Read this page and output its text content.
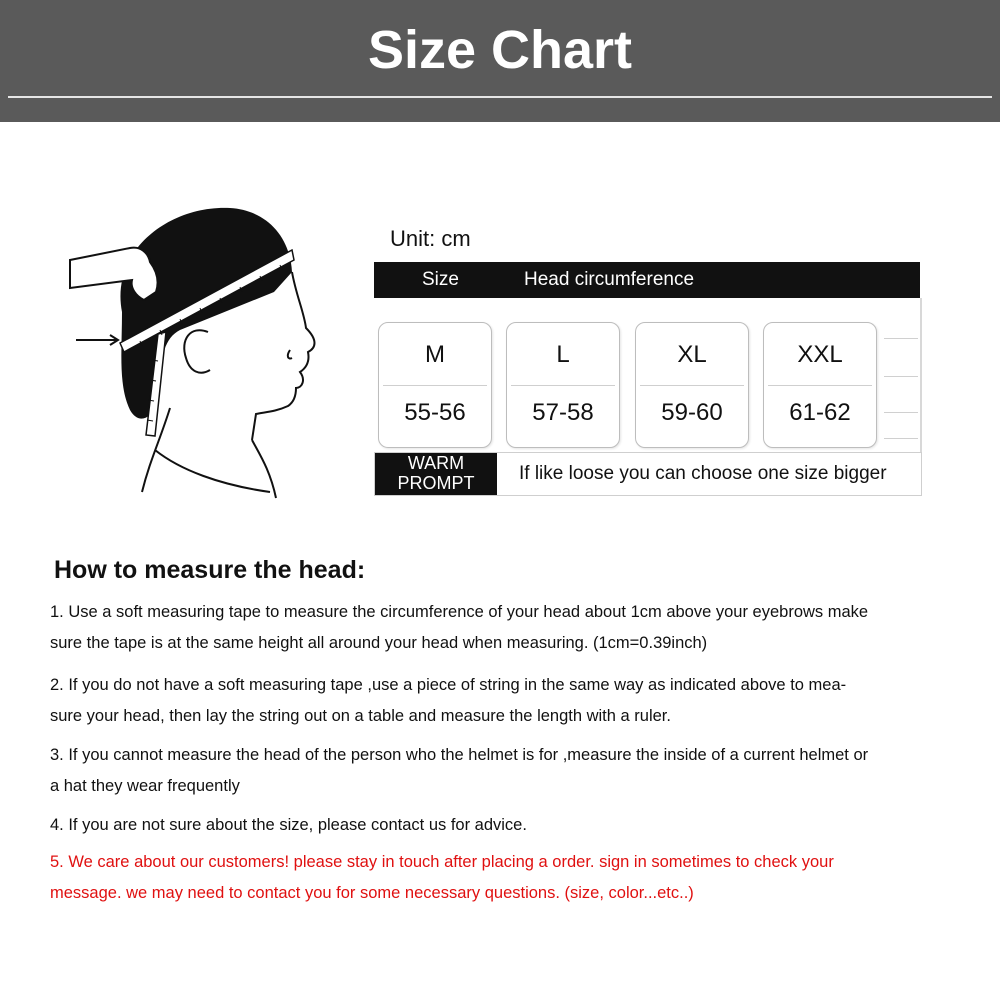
Size Chart
Unit: cm
Size	Head circumference
M
55-56
L
57-58
XL
59-60
XXL
61-62
WARM
PROMPT	If like loose you can choose one size bigger
How to measure the head:
1. Use a soft measuring tape to measure the circumference of your head about 1cm above your eyebrows make
sure the tape is at the same height all around your head when measuring. (1cm=0.39inch)
2. If you do not have a soft measuring tape ,use a piece of string in the same way as indicated above to mea-
sure your head, then lay the string out on a table and measure the length with a ruler.
3. If you cannot measure the head of the person who the helmet is for ,measure the inside of a current helmet or
a hat they wear frequently
4. If you are not sure about the size, please contact us for advice.
5. We care about our customers! please stay in touch after placing a order. sign in sometimes to check your
message. we may need to contact you for some necessary questions. (size, color...etc..)
